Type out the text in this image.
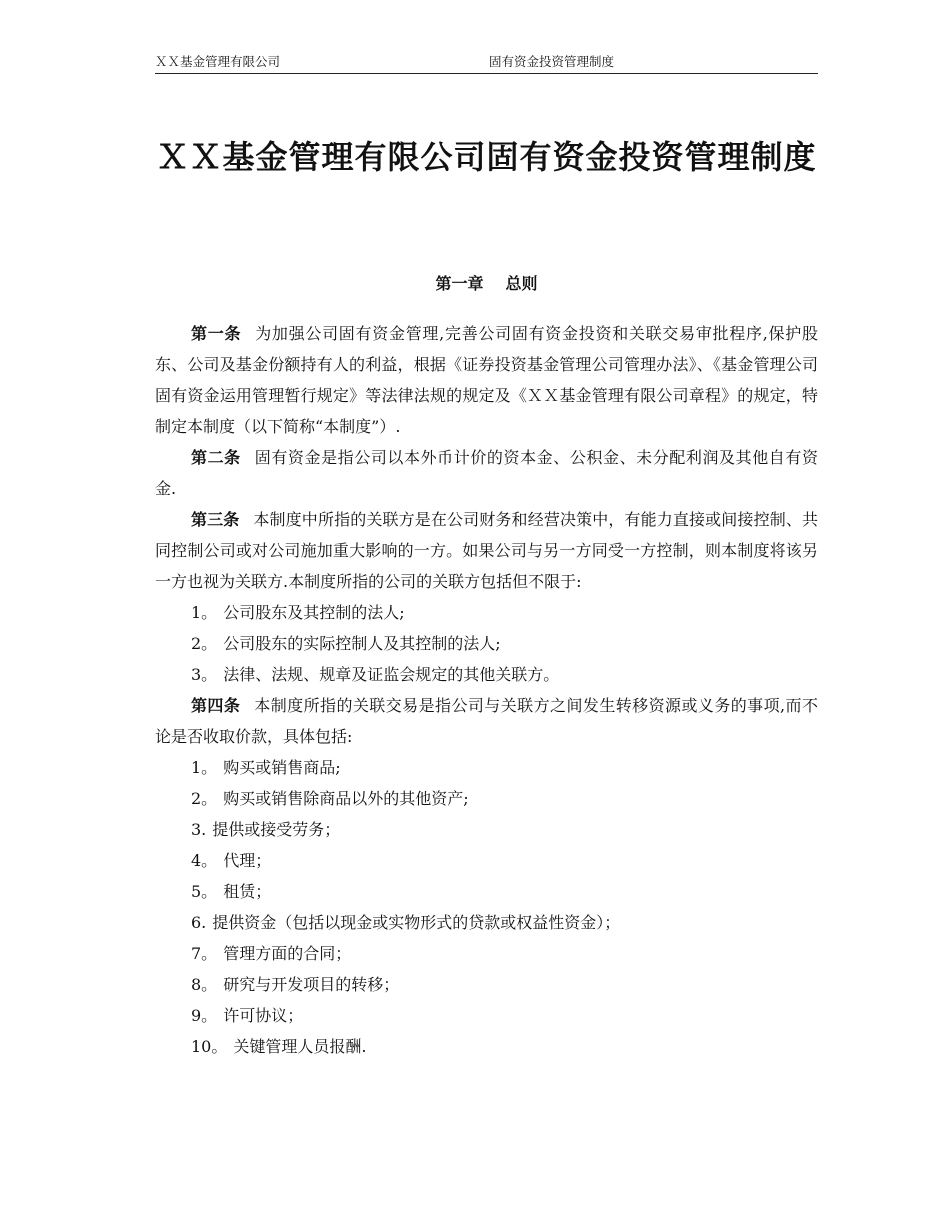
ＸＸ基金管理有限公司	固有资金投资管理制度
ＸＸ基金管理有限公司固有资金投资管理制度
第一章 总则

第一条 为加强公司固有资金管理,完善公司固有资金投资和关联交易审批程序,保护股东、公司及基金份额持有人的利益，根据《证券投资基金管理公司管理办法》、《基金管理公司固有资金运用管理暂行规定》等法律法规的规定及《ＸＸ基金管理有限公司章程》的规定，特制定本制度（以下简称“本制度”）.

第二条 固有资金是指公司以本外币计价的资本金、公积金、未分配利润及其他自有资金.

第三条 本制度中所指的关联方是在公司财务和经营决策中，有能力直接或间接控制、共同控制公司或对公司施加重大影响的一方。如果公司与另一方同受一方控制，则本制度将该另一方也视为关联方.本制度所指的公司的关联方包括但不限于:

1。 公司股东及其控制的法人;

2。 公司股东的实际控制人及其控制的法人;

3。 法律、法规、规章及证监会规定的其他关联方。

第四条 本制度所指的关联交易是指公司与关联方之间发生转移资源或义务的事项,而不论是否收取价款，具体包括:

1。 购买或销售商品;

2。 购买或销售除商品以外的其他资产;

3. 提供或接受劳务；

4。 代理；

5。 租赁；

6. 提供资金（包括以现金或实物形式的贷款或权益性资金）；

7。 管理方面的合同；

8。 研究与开发项目的转移；

9。 许可协议；

10。 关键管理人员报酬.
